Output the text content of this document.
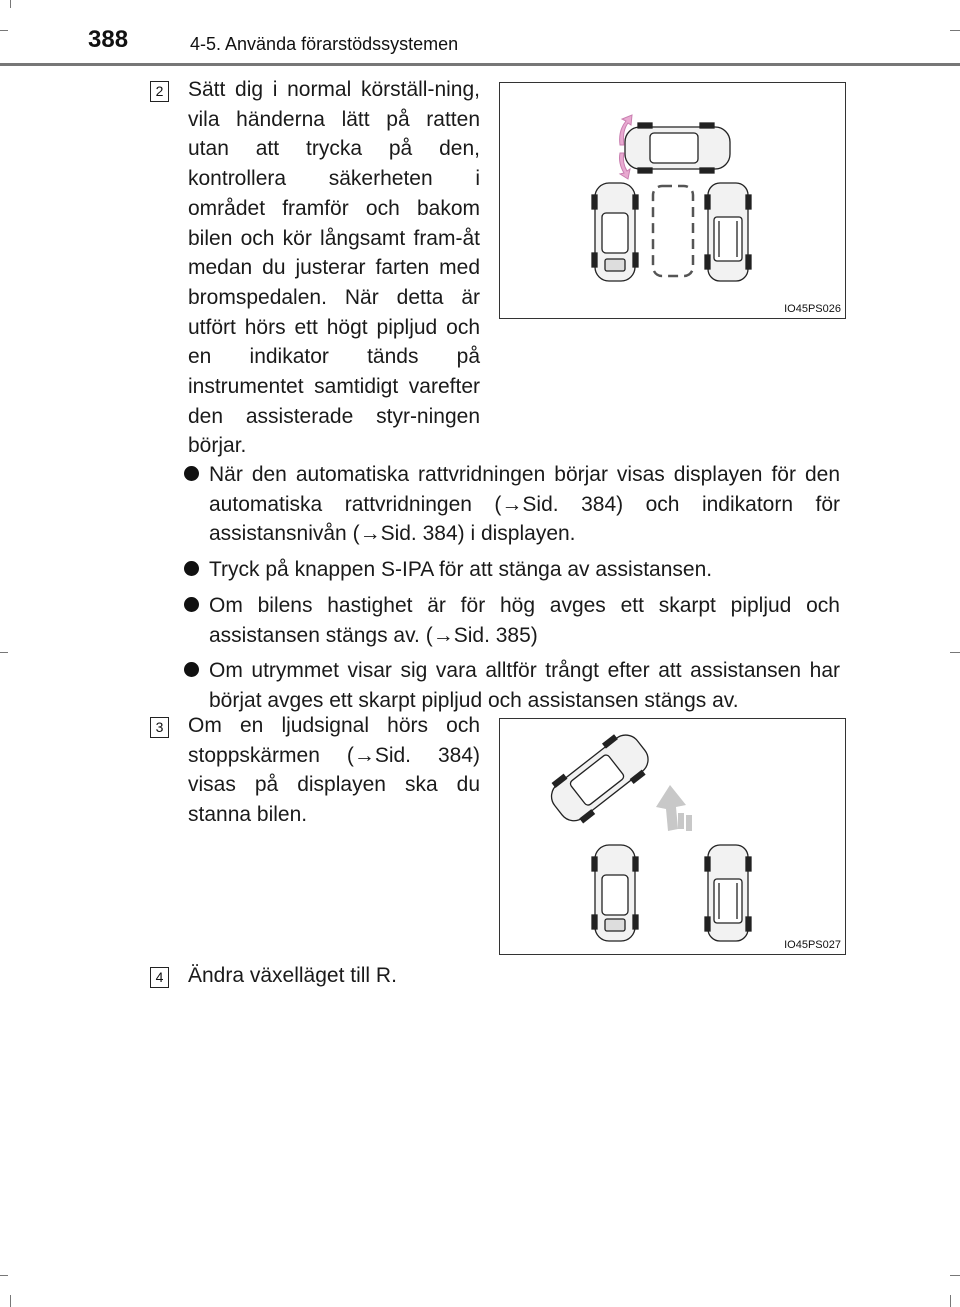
388	4-5. Använda förarstödssystemen
2 Sätt dig i normal körställ-ning, vila händerna lätt på ratten utan att trycka på den, kontrollera säkerheten i området framför och bakom bilen och kör långsamt fram-åt medan du justerar farten med bromspedalen. När detta är utfört hörs ett högt pipljud och en indikator tänds på instrumentet samtidigt varefter den assisterade styr-ningen börjar.

IO45PS026
När den automatiska rattvridningen börjar visas displayen för den automatiska rattvridningen (→Sid. 384) och indikatorn för assistansnivån (→Sid. 384) i displayen.
Tryck på knappen S-IPA för att stänga av assistansen.
Om bilens hastighet är för hög avges ett skarpt pipljud och assistansen stängs av. (→Sid. 385)
Om utrymmet visar sig vara alltför trångt efter att assistansen har börjat avges ett skarpt pipljud och assistansen stängs av.
3 Om en ljudsignal hörs och stoppskärmen (→Sid. 384) visas på displayen ska du stanna bilen.

IO45PS027
4 Ändra växelläget till R.
